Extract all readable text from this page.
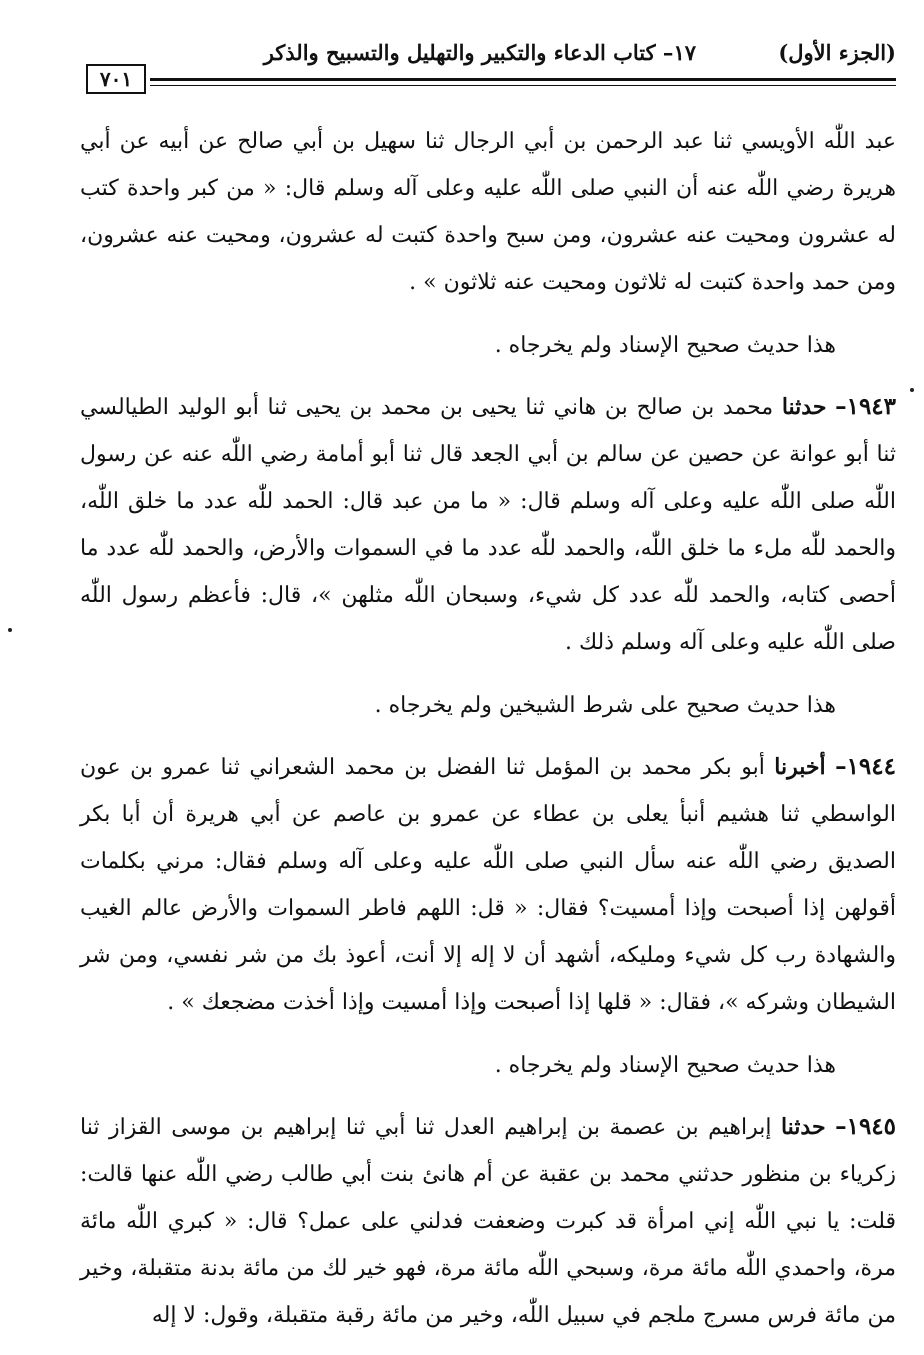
(الجزء الأول)
١٧– كتاب الدعاء والتكبير والتهليل والتسبيح والذكر
٧٠١

عبد اللّٰه الأويسي ثنا عبد الرحمن بن أبي الرجال ثنا سهيل بن أبي صالح عن أبيه عن أبي هريرة رضي اللّٰه عنه أن النبي صلى اللّٰه عليه وعلى آله وسلم قال: « من كبر واحدة كتب له عشرون ومحيت عنه عشرون، ومن سبح واحدة كتبت له عشرون، ومحيت عنه عشرون، ومن حمد واحدة كتبت له ثلاثون ومحيت عنه ثلاثون » .

هذا حديث صحيح الإسناد ولم يخرجاه .

١٩٤٣– حدثنا محمد بن صالح بن هاني ثنا يحيى بن محمد بن يحيى ثنا أبو الوليد الطيالسي ثنا أبو عوانة عن حصين عن سالم بن أبي الجعد قال ثنا أبو أمامة رضي اللّٰه عنه عن رسول اللّٰه صلى اللّٰه عليه وعلى آله وسلم قال: « ما من عبد قال: الحمد للّٰه عدد ما خلق اللّٰه، والحمد للّٰه ملء ما خلق اللّٰه، والحمد للّٰه عدد ما في السموات والأرض، والحمد للّٰه عدد ما أحصى كتابه، والحمد للّٰه عدد كل شيء، وسبحان اللّٰه مثلهن »، قال: فأعظم رسول اللّٰه صلى اللّٰه عليه وعلى آله وسلم ذلك .

هذا حديث صحيح على شرط الشيخين ولم يخرجاه .

١٩٤٤– أخبرنا أبو بكر محمد بن المؤمل ثنا الفضل بن محمد الشعراني ثنا عمرو بن عون الواسطي ثنا هشيم أنبأ يعلى بن عطاء عن عمرو بن عاصم عن أبي هريرة أن أبا بكر الصديق رضي اللّٰه عنه سأل النبي صلى اللّٰه عليه وعلى آله وسلم فقال: مرني بكلمات أقولهن إذا أصبحت وإذا أمسيت؟ فقال: « قل: اللهم فاطر السموات والأرض عالم الغيب والشهادة رب كل شيء ومليكه، أشهد أن لا إله إلا أنت، أعوذ بك من شر نفسي، ومن شر الشيطان وشركه »، فقال: « قلها إذا أصبحت وإذا أمسيت وإذا أخذت مضجعك » .

هذا حديث صحيح الإسناد ولم يخرجاه .

١٩٤٥– حدثنا إبراهيم بن عصمة بن إبراهيم العدل ثنا أبي ثنا إبراهيم بن موسى القزاز ثنا زكرياء بن منظور حدثني محمد بن عقبة عن أم هانئ بنت أبي طالب رضي اللّٰه عنها قالت: قلت: يا نبي اللّٰه إني امرأة قد كبرت وضعفت فدلني على عمل؟ قال: « كبري اللّٰه مائة مرة، واحمدي اللّٰه مائة مرة، وسبحي اللّٰه مائة مرة، فهو خير لك من مائة بدنة متقبلة، وخير من مائة فرس مسرج ملجم في سبيل اللّٰه، وخير من مائة رقبة متقبلة، وقول: لا إله
